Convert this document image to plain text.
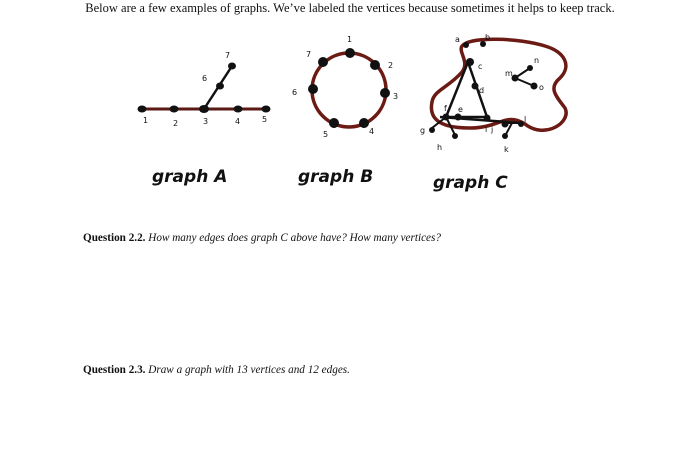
Below are a few examples of graphs. We’ve labeled the vertices because sometimes it helps to keep track.
1	2	3	4	5
6
7
graph A
1
2
3
4
5
6
7
graph B
a	b
c
d
e
f
g
h
i j
k
l
m
n
o
graph C
Question 2.2. How many edges does graph C above have? How many vertices?
Question 2.3. Draw a graph with 13 vertices and 12 edges.
